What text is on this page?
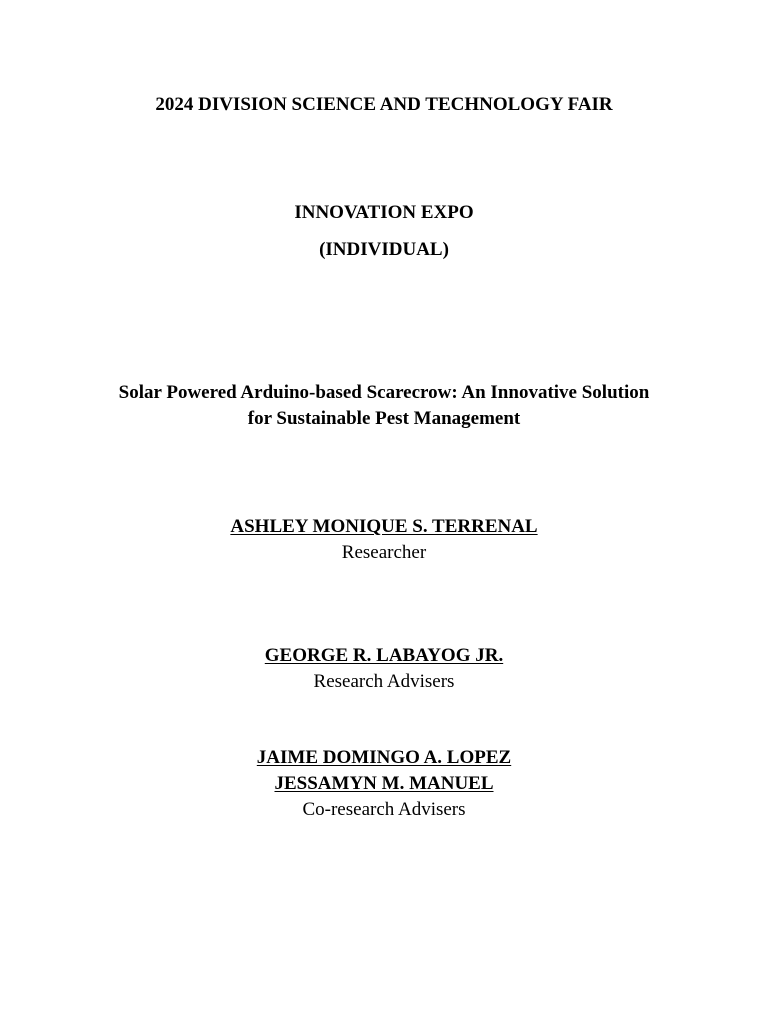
2024 DIVISION SCIENCE AND TECHNOLOGY FAIR
INNOVATION EXPO
(INDIVIDUAL)
Solar Powered Arduino-based Scarecrow: An Innovative Solution
for Sustainable Pest Management
ASHLEY MONIQUE S. TERRENAL
Researcher
GEORGE R. LABAYOG JR.
Research Advisers
JAIME DOMINGO A. LOPEZ
JESSAMYN M. MANUEL
Co-research Advisers
